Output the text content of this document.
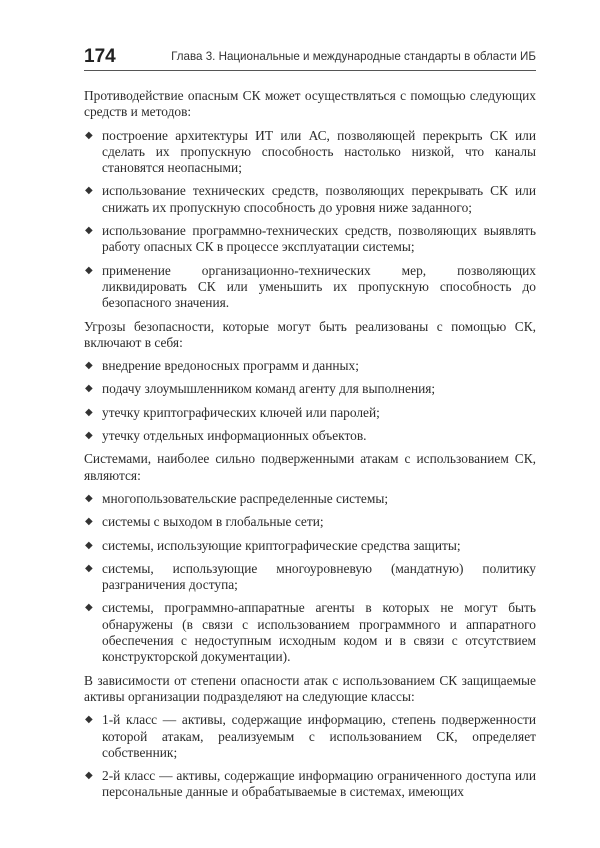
174	Глава 3. Национальные и международные стандарты в области ИБ

Противодействие опасным СК может осуществляться с помощью следующих средств и методов:

◆ построение архитектуры ИТ или АС, позволяющей перекрыть СК или сделать их пропускную способность настолько низкой, что каналы становятся неопасными;
◆ использование технических средств, позволяющих перекрывать СК или снижать их пропускную способность до уровня ниже заданного;
◆ использование программно-технических средств, позволяющих выявлять работу опасных СК в процессе эксплуатации системы;
◆ применение организационно-технических мер, позволяющих ликвидировать СК или уменьшить их пропускную способность до безопасного значения.

Угрозы безопасности, которые могут быть реализованы с помощью СК, включают в себя:

◆ внедрение вредоносных программ и данных;
◆ подачу злоумышленником команд агенту для выполнения;
◆ утечку криптографических ключей или паролей;
◆ утечку отдельных информационных объектов.

Системами, наиболее сильно подверженными атакам с использованием СК, являются:

◆ многопользовательские распределенные системы;
◆ системы с выходом в глобальные сети;
◆ системы, использующие криптографические средства защиты;
◆ системы, использующие многоуровневую (мандатную) политику разграничения доступа;
◆ системы, программно-аппаратные агенты в которых не могут быть обнаружены (в связи с использованием программного и аппаратного обеспечения с недоступным исходным кодом и в связи с отсутствием конструкторской документации).

В зависимости от степени опасности атак с использованием СК защищаемые активы организации подразделяют на следующие классы:

◆ 1-й класс — активы, содержащие информацию, степень подверженности которой атакам, реализуемым с использованием СК, определяет собственник;
◆ 2-й класс — активы, содержащие информацию ограниченного доступа или персональные данные и обрабатываемые в системах, имеющих
